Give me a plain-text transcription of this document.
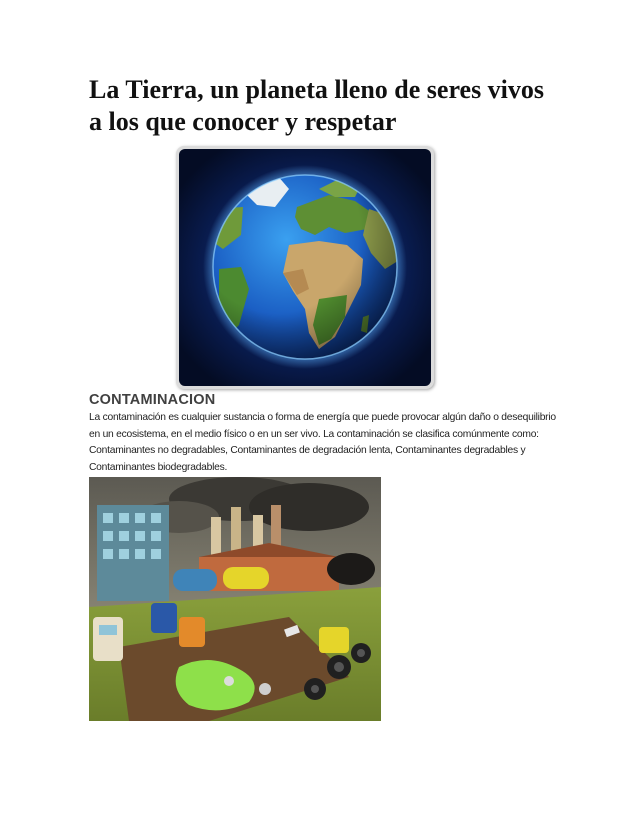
La Tierra, un planeta lleno de seres vivos a los que conocer y respetar
CONTAMINACION

La contaminación es cualquier sustancia o forma de energía que puede provocar algún daño o desequilibrio en un ecosistema, en el medio físico o en un ser vivo. La contaminación se clasifica comúnmente como: Contaminantes no degradables, Contaminantes de degradación lenta, Contaminantes degradables y Contaminantes biodegradables.
